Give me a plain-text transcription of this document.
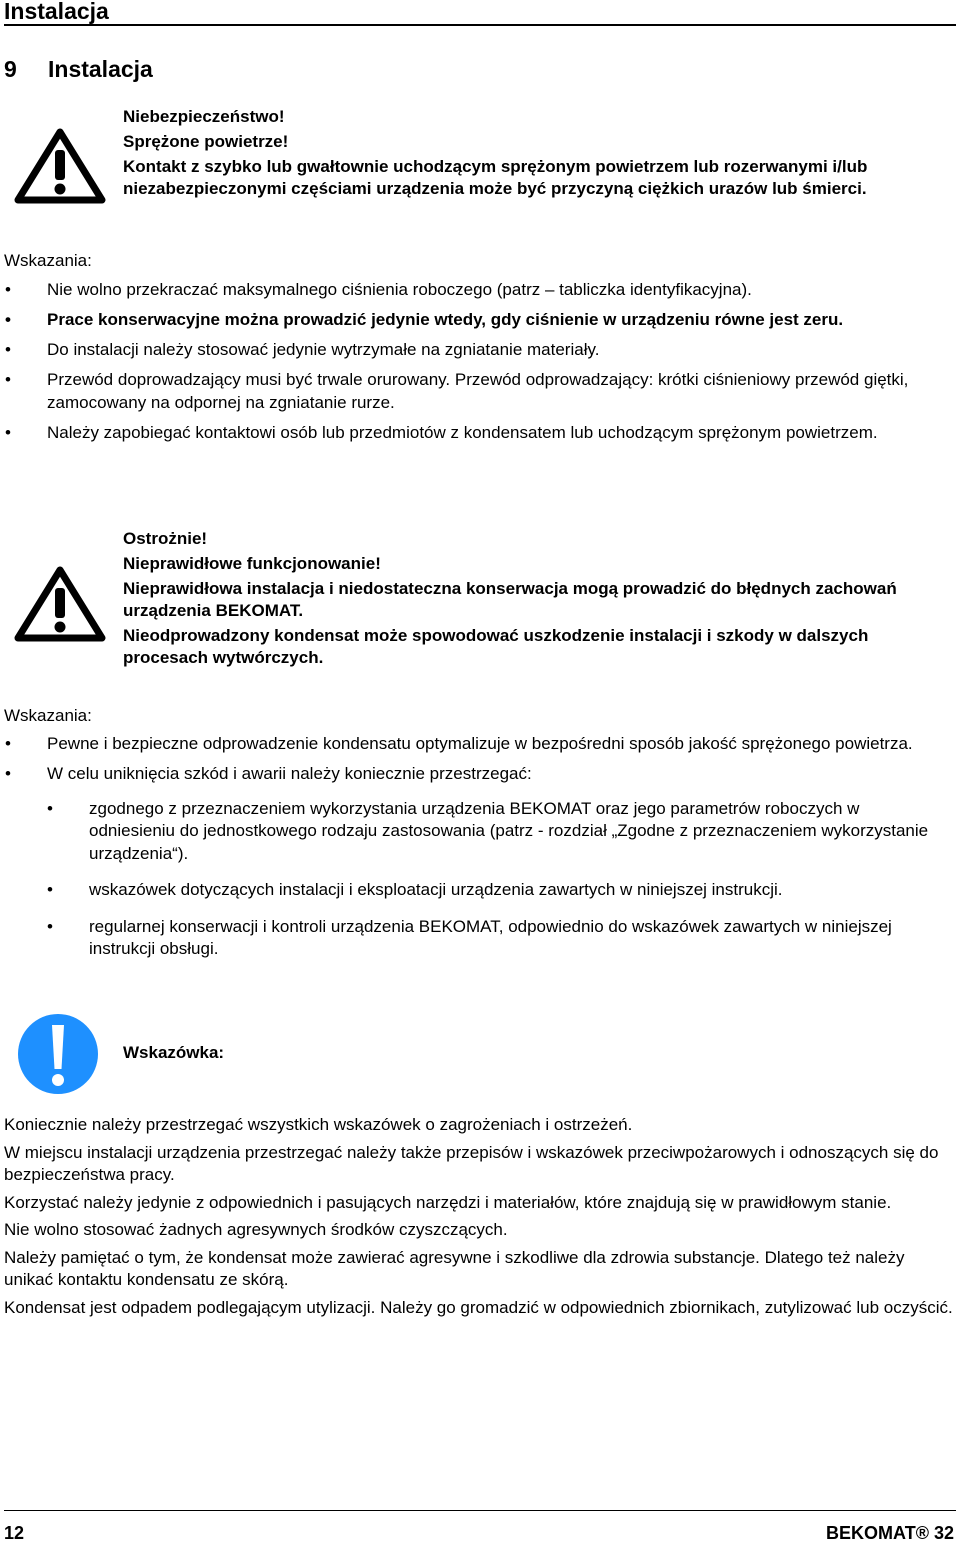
Instalacja
9 Instalacja

Niebezpieczeństwo!

Sprężone powietrze!

Kontakt z szybko lub gwałtownie uchodzącym sprężonym powietrzem lub rozerwanymi i/lub niezabezpieczonymi częściami urządzenia może być przyczyną ciężkich urazów lub śmierci.

Wskazania:
• Nie wolno przekraczać maksymalnego ciśnienia roboczego (patrz – tabliczka identyfikacyjna).
• Prace konserwacyjne można prowadzić jedynie wtedy, gdy ciśnienie w urządzeniu równe jest zeru.
• Do instalacji należy stosować jedynie wytrzymałe na zgniatanie materiały.
• Przewód doprowadzający musi być trwale orurowany. Przewód odprowadzający: krótki ciśnieniowy przewód giętki, zamocowany na odpornej na zgniatanie rurze.
• Należy zapobiegać kontaktowi osób lub przedmiotów z kondensatem lub uchodzącym sprężonym powietrzem.

Ostrożnie!

Nieprawidłowe funkcjonowanie!

Nieprawidłowa instalacja i niedostateczna konserwacja mogą prowadzić do błędnych zachowań urządzenia BEKOMAT.

Nieodprowadzony kondensat może spowodować uszkodzenie instalacji i szkody w dalszych procesach wytwórczych.

Wskazania:
• Pewne i bezpieczne odprowadzenie kondensatu optymalizuje w bezpośredni sposób jakość sprężonego powietrza.
• W celu uniknięcia szkód i awarii należy koniecznie przestrzegać:
• zgodnego z przeznaczeniem wykorzystania urządzenia BEKOMAT oraz jego parametrów roboczych w odniesieniu do jednostkowego rodzaju zastosowania (patrz - rozdział „Zgodne z przeznaczeniem wykorzystanie urządzenia“).
• wskazówek dotyczących instalacji i eksploatacji urządzenia zawartych w niniejszej instrukcji.
• regularnej konserwacji i kontroli urządzenia BEKOMAT, odpowiednio do wskazówek zawartych w niniejszej instrukcji obsługi.
Wskazówka:

Koniecznie należy przestrzegać wszystkich wskazówek o zagrożeniach i ostrzeżeń.

W miejscu instalacji urządzenia przestrzegać należy także przepisów i wskazówek przeciwpożarowych i odnoszących się do bezpieczeństwa pracy.

Korzystać należy jedynie z odpowiednich i pasujących narzędzi i materiałów, które znajdują się w prawidłowym stanie.

Nie wolno stosować żadnych agresywnych środków czyszczących.

Należy pamiętać o tym, że kondensat może zawierać agresywne i szkodliwe dla zdrowia substancje. Dlatego też należy unikać kontaktu kondensatu ze skórą.

Kondensat jest odpadem podlegającym utylizacji. Należy go gromadzić w odpowiednich zbiornikach, zutylizować lub oczyścić.

12	BEKOMAT® 32
